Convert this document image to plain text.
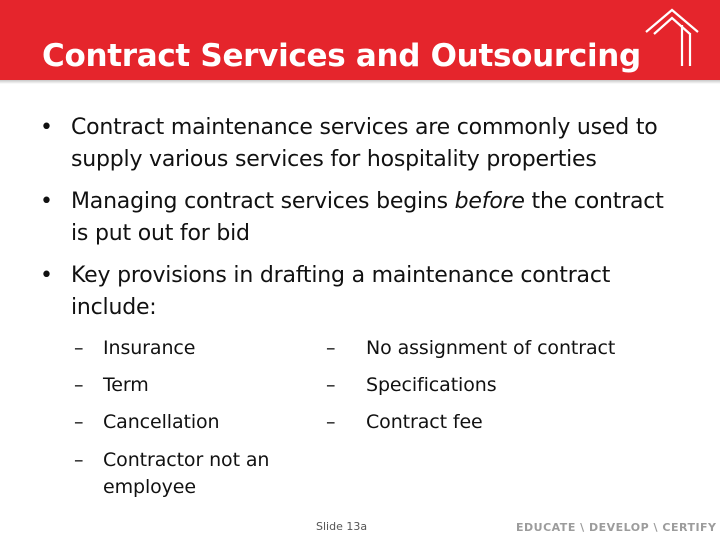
Contract Services and Outsourcing
• Contract maintenance services are commonly used to supply various services for hospitality properties
• Managing contract services begins before the contract is put out for bid
• Key provisions in drafting a maintenance contract include:
–	Insurance
–	Term
–	Cancellation
–	Contractor not an employee
–	No assignment of contract
–	Specifications
–	Contract fee
Slide 13a	EDUCATE \ DEVELOP \ CERTIFY
